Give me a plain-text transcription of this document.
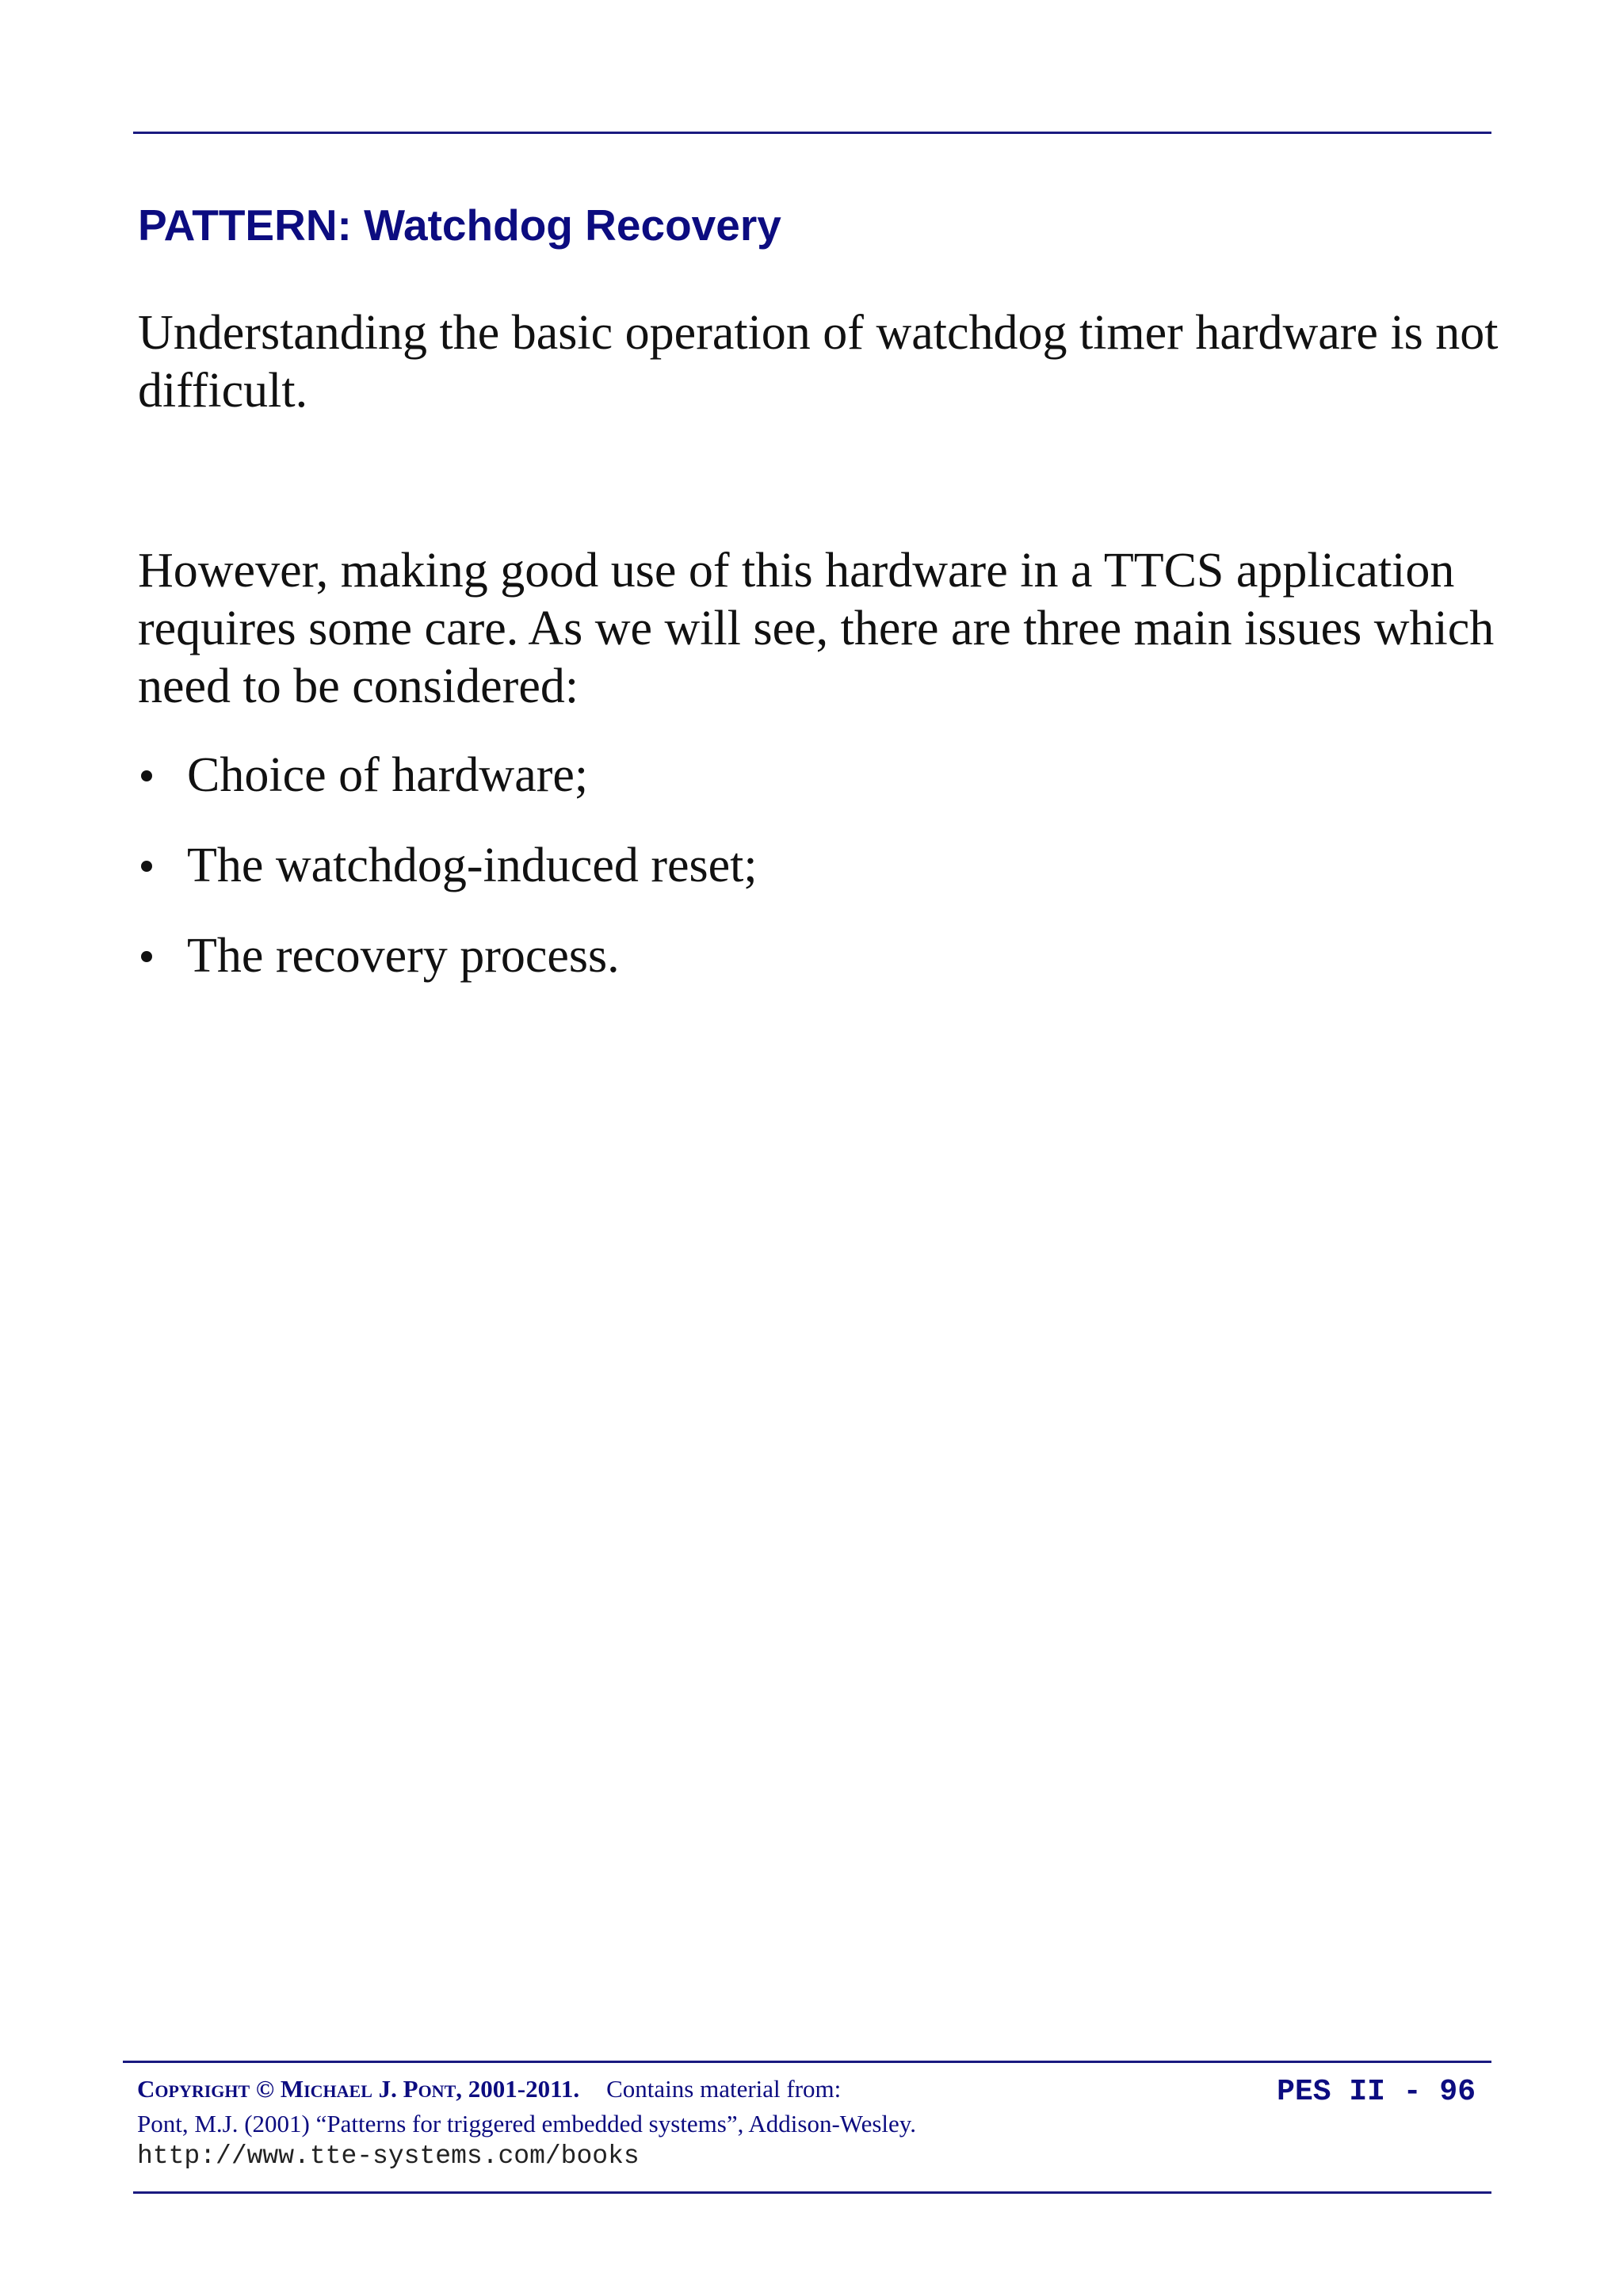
PATTERN: Watchdog Recovery
Understanding the basic operation of watchdog timer hardware is not difficult.
However, making good use of this hardware in a TTCS application requires some care. As we will see, there are three main issues which need to be considered:
Choice of hardware;
The watchdog-induced reset;
The recovery process.
Copyright © Michael J. Pont, 2001-2011. Contains material from:
Pont, M.J. (2001) “Patterns for triggered embedded systems”, Addison-Wesley.
http://www.tte-systems.com/books
PES II - 96
